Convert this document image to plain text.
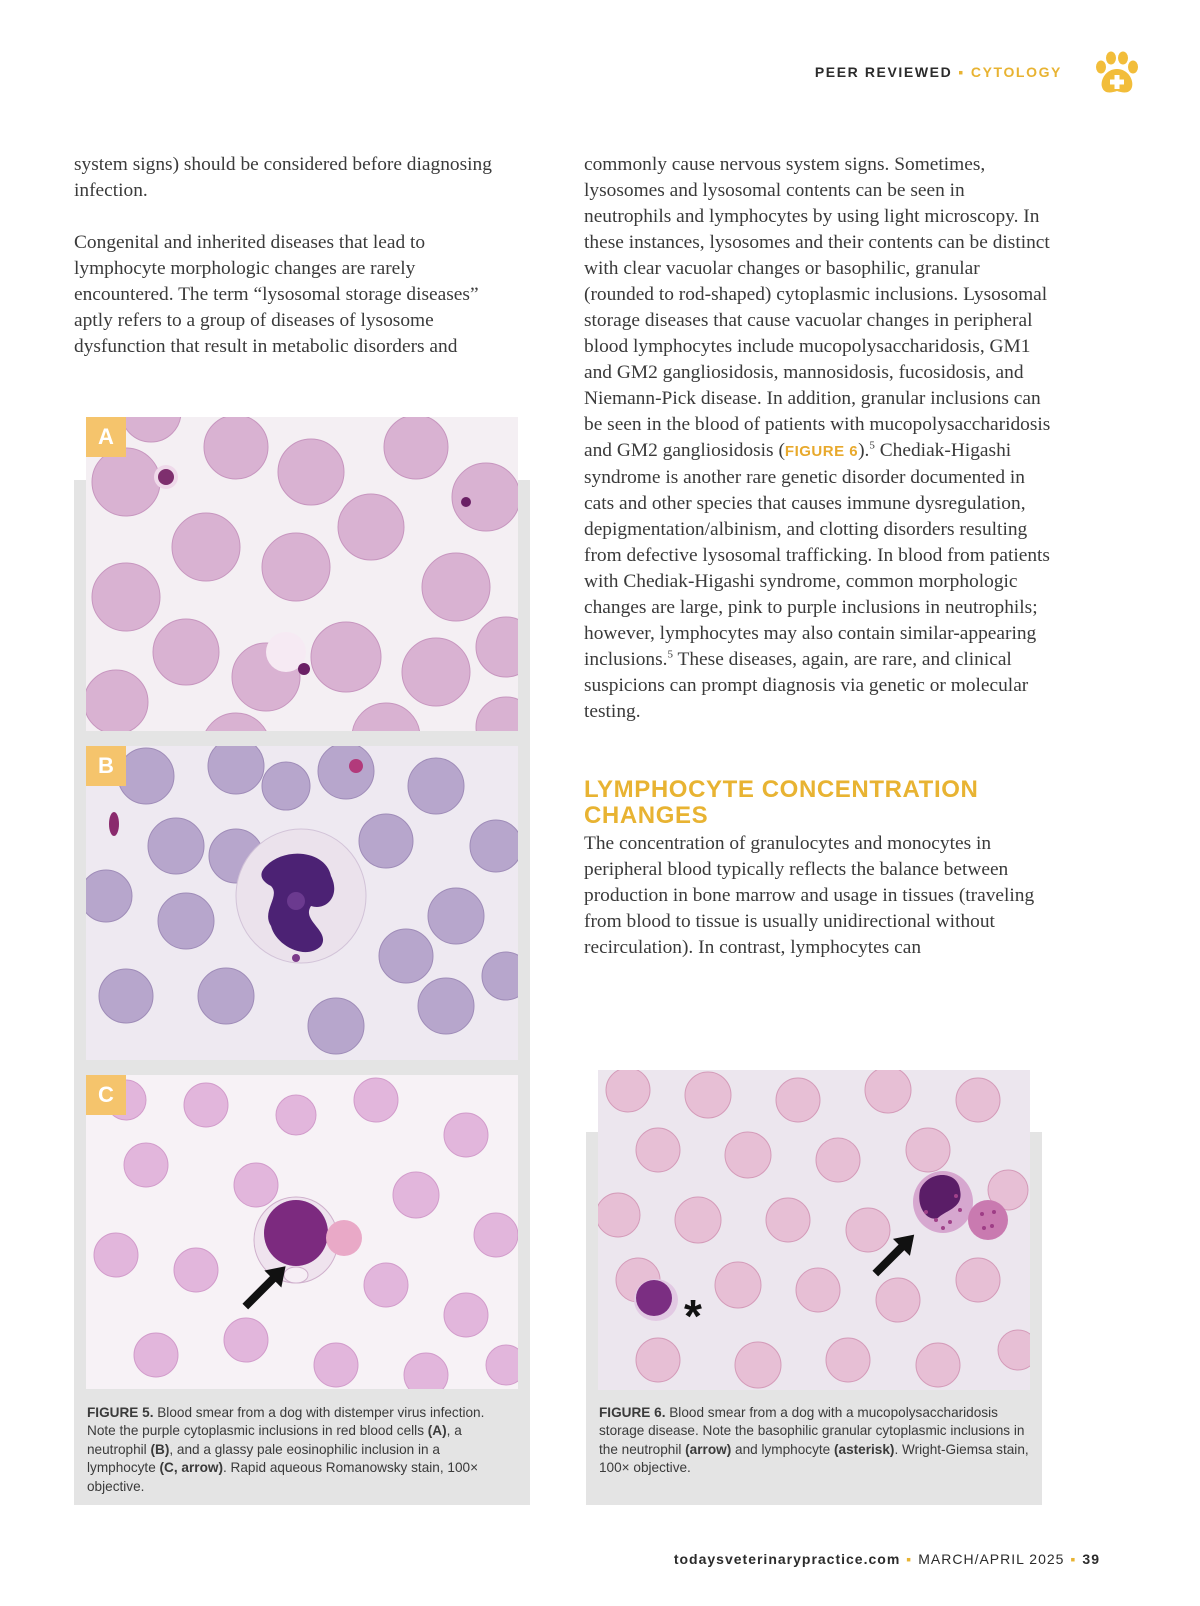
PEER REVIEWED ▪ CYTOLOGY

system signs) should be considered before diagnosing infection.

Congenital and inherited diseases that lead to lymphocyte morphologic changes are rarely encountered. The term “lysosomal storage diseases” aptly refers to a group of diseases of lysosome dysfunction that result in metabolic disorders and

commonly cause nervous system signs. Sometimes, lysosomes and lysosomal contents can be seen in neutrophils and lymphocytes by using light microscopy. In these instances, lysosomes and their contents can be distinct with clear vacuolar changes or basophilic, granular (rounded to rod-shaped) cytoplasmic inclusions. Lysosomal storage diseases that cause vacuolar changes in peripheral blood lymphocytes include mucopolysaccharidosis, GM1 and GM2 gangliosidosis, mannosidosis, fucosidosis, and Niemann-Pick disease. In addition, granular inclusions can be seen in the blood of patients with mucopolysaccharidosis and GM2 gangliosidosis (FIGURE 6).$^5$ Chediak-Higashi syndrome is another rare genetic disorder documented in cats and other species that causes immune dysregulation, depigmentation/albinism, and clotting disorders resulting from defective lysosomal trafficking. In blood from patients with Chediak-Higashi syndrome, common morphologic changes are large, pink to purple inclusions in neutrophils; however, lymphocytes may also contain similar-appearing inclusions.$^5$ These diseases, again, are rare, and clinical suspicions can prompt diagnosis via genetic or molecular testing.

LYMPHOCYTE CONCENTRATION CHANGES

The concentration of granulocytes and monocytes in peripheral blood typically reflects the balance between production in bone marrow and usage in tissues (traveling from blood to tissue is usually unidirectional without recirculation). In contrast, lymphocytes can

A
B
C
FIGURE 5. Blood smear from a dog with distemper virus infection. Note the purple cytoplasmic inclusions in red blood cells (A), a neutrophil (B), and a glassy pale eosinophilic inclusion in a lymphocyte (C, arrow). Rapid aqueous Romanowsky stain, 100× objective.
*
FIGURE 6. Blood smear from a dog with a mucopolysaccharidosis storage disease. Note the basophilic granular cytoplasmic inclusions in the neutrophil (arrow) and lymphocyte (asterisk). Wright-Giemsa stain, 100× objective.
todaysveterinarypractice.com ▪ MARCH/APRIL 2025 ▪ 39
